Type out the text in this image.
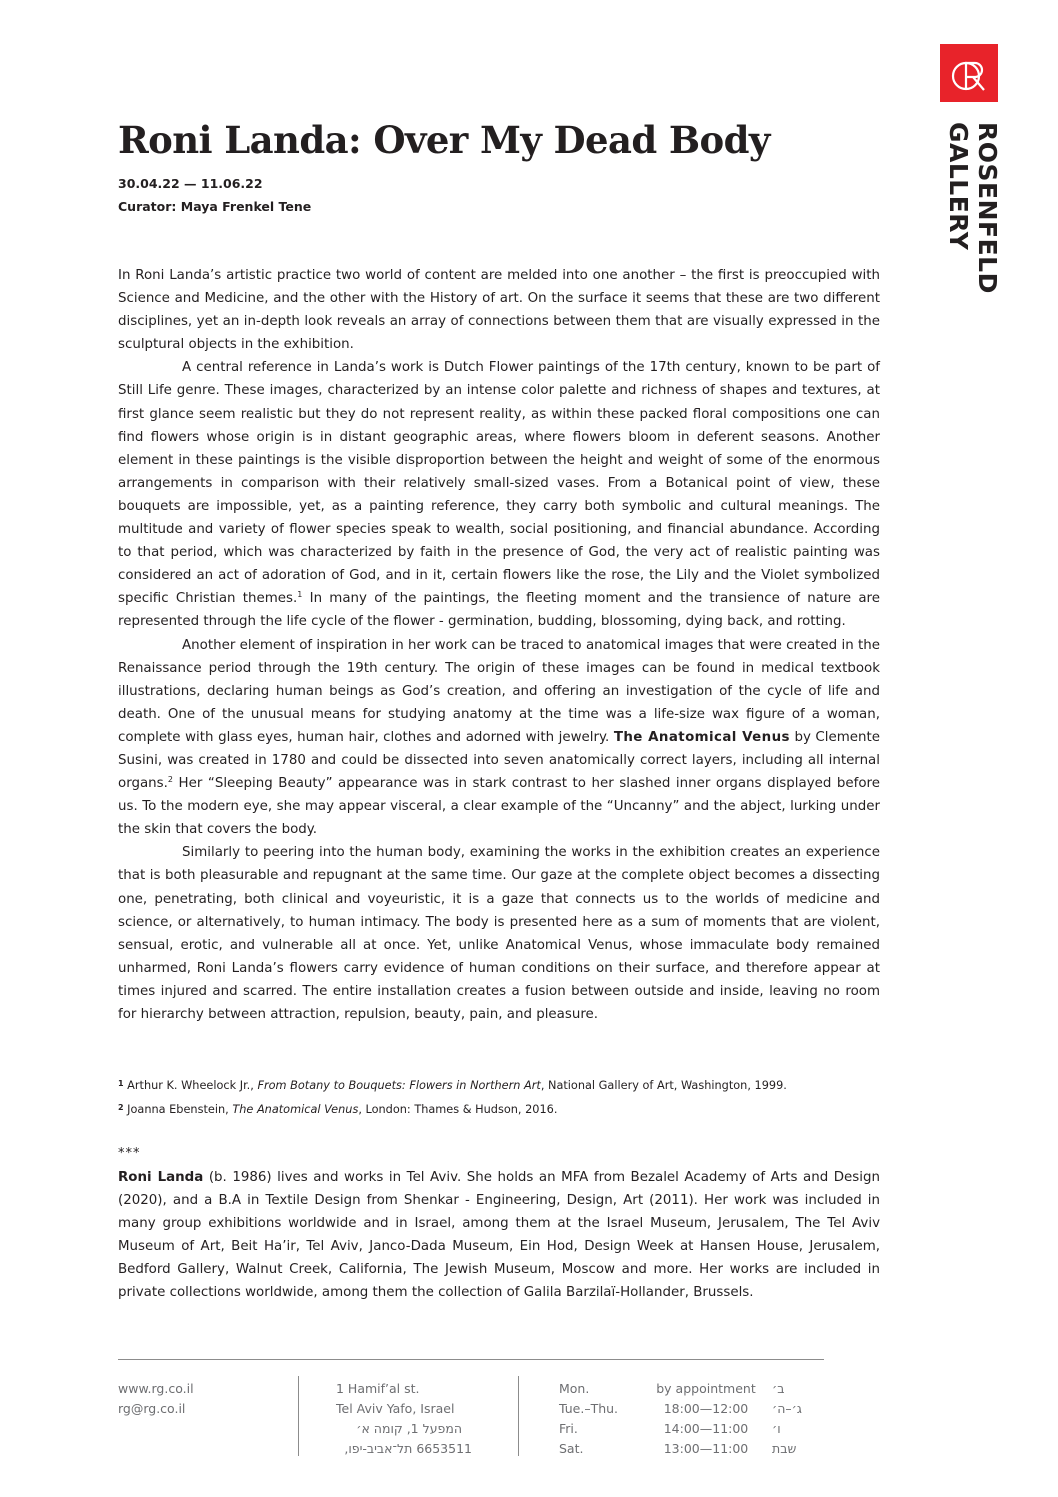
ROSENFELD
GALLERY
Roni Landa: Over My Dead Body
30.04.22 — 11.06.22
Curator: Maya Frenkel Tene

In Roni Landa’s artistic practice two world of content are melded into one another – the first is preoccupied with Science and Medicine, and the other with the History of art. On the surface it seems that these are two different disciplines, yet an in-depth look reveals an array of connections between them that are visually expressed in the sculptural objects in the exhibition.

A central reference in Landa’s work is Dutch Flower paintings of the 17th century, known to be part of Still Life genre. These images, characterized by an intense color palette and richness of shapes and textures, at first glance seem realistic but they do not represent reality, as within these packed floral compositions one can find flowers whose origin is in distant geographic areas, where flowers bloom in deferent seasons. Another element in these paintings is the visible disproportion between the height and weight of some of the enormous arrangements in comparison with their relatively small-sized vases. From a Botanical point of view, these bouquets are impossible, yet, as a painting reference, they carry both symbolic and cultural meanings. The multitude and variety of flower species speak to wealth, social positioning, and financial abundance. According to that period, which was characterized by faith in the presence of God, the very act of realistic painting was considered an act of adoration of God, and in it, certain flowers like the rose, the Lily and the Violet symbolized specific Christian themes.$^1$ In many of the paintings, the fleeting moment and the transience of nature are represented through the life cycle of the flower - germination, budding, blossoming, dying back, and rotting.

Another element of inspiration in her work can be traced to anatomical images that were created in the Renaissance period through the 19th century. The origin of these images can be found in medical textbook illustrations, declaring human beings as God’s creation, and offering an investigation of the cycle of life and death. One of the unusual means for studying anatomy at the time was a life-size wax figure of a woman, complete with glass eyes, human hair, clothes and adorned with jewelry. The Anatomical Venus by Clemente Susini, was created in 1780 and could be dissected into seven anatomically correct layers, including all internal organs.$^2$ Her “Sleeping Beauty” appearance was in stark contrast to her slashed inner organs displayed before us. To the modern eye, she may appear visceral, a clear example of the “Uncanny” and the abject, lurking under the skin that covers the body.

Similarly to peering into the human body, examining the works in the exhibition creates an experience that is both pleasurable and repugnant at the same time. Our gaze at the complete object becomes a dissecting one, penetrating, both clinical and voyeuristic, it is a gaze that connects us to the worlds of medicine and science, or alternatively, to human intimacy. The body is presented here as a sum of moments that are violent, sensual, erotic, and vulnerable all at once. Yet, unlike Anatomical Venus, whose immaculate body remained unharmed, Roni Landa’s flowers carry evidence of human conditions on their surface, and therefore appear at times injured and scarred. The entire installation creates a fusion between outside and inside, leaving no room for hierarchy between attraction, repulsion, beauty, pain, and pleasure.

$^1$ Arthur K. Wheelock Jr., From Botany to Bouquets: Flowers in Northern Art, National Gallery of Art, Washington, 1999.
$^2$ Joanna Ebenstein, The Anatomical Venus, London: Thames & Hudson, 2016.
***
Roni Landa (b. 1986) lives and works in Tel Aviv. She holds an MFA from Bezalel Academy of Arts and Design (2020), and a B.A in Textile Design from Shenkar - Engineering, Design, Art (2011). Her work was included in many group exhibitions worldwide and in Israel, among them at the Israel Museum, Jerusalem, The Tel Aviv Museum of Art, Beit Ha’ir, Tel Aviv, Janco-Dada Museum, Ein Hod, Design Week at Hansen House, Jerusalem, Bedford Gallery, Walnut Creek, California, The Jewish Museum, Moscow and more. Her works are included in private collections worldwide, among them the collection of Galila Barzilaï-Hollander, Brussels.
www.rg.co.il
rg@rg.co.il
1 Hamif’al st.
Tel Aviv Yafo, Israel
המפעל 1, קומה א׳
6653511 תל־אביב-יפו,
Mon.
Tue.–Thu.
Fri.
Sat.
by appointment
18:00—12:00
14:00—11:00
13:00—11:00
ב׳
ג׳–ה׳
ו׳
שבת
